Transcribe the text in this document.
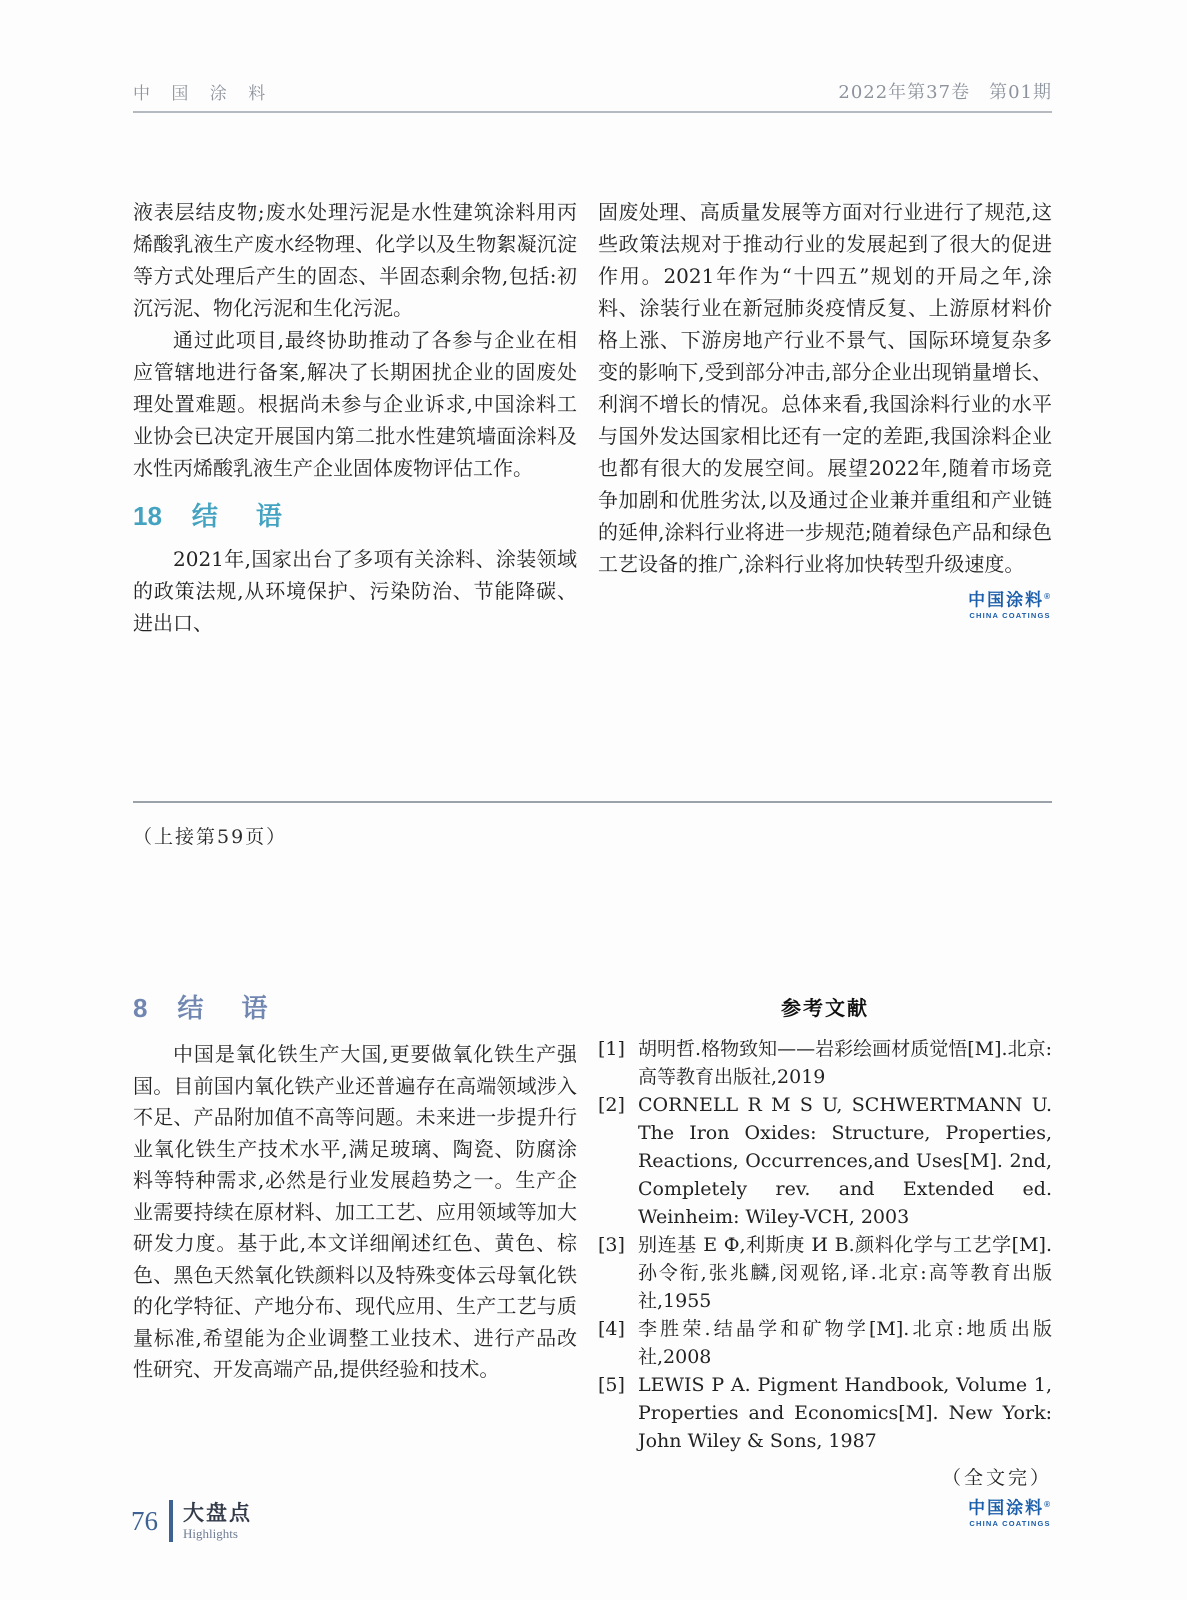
中 国 涂 料	2022年第37卷　第01期

液表层结皮物;废水处理污泥是水性建筑涂料用丙烯酸乳液生产废水经物理、化学以及生物絮凝沉淀等方式处理后产生的固态、半固态剩余物,包括:初沉污泥、物化污泥和生化污泥。

通过此项目,最终协助推动了各参与企业在相应管辖地进行备案,解决了长期困扰企业的固废处理处置难题。根据尚未参与企业诉求,中国涂料工业协会已决定开展国内第二批水性建筑墙面涂料及水性丙烯酸乳液生产企业固体废物评估工作。

18 结　语

2021年,国家出台了多项有关涂料、涂装领域的政策法规,从环境保护、污染防治、节能降碳、进出口、

固废处理、高质量发展等方面对行业进行了规范,这些政策法规对于推动行业的发展起到了很大的促进作用。2021年作为“十四五”规划的开局之年,涂料、涂装行业在新冠肺炎疫情反复、上游原材料价格上涨、下游房地产行业不景气、国际环境复杂多变的影响下,受到部分冲击,部分企业出现销量增长、利润不增长的情况。总体来看,我国涂料行业的水平与国外发达国家相比还有一定的差距,我国涂料企业也都有很大的发展空间。展望2022年,随着市场竞争加剧和优胜劣汰,以及通过企业兼并重组和产业链的延伸,涂料行业将进一步规范;随着绿色产品和绿色工艺设备的推广,涂料行业将加快转型升级速度。

中国涂料®
CHINA COATINGS
（上接第59页）
8 结　语

中国是氧化铁生产大国,更要做氧化铁生产强国。目前国内氧化铁产业还普遍存在高端领域涉入不足、产品附加值不高等问题。未来进一步提升行业氧化铁生产技术水平,满足玻璃、陶瓷、防腐涂料等特种需求,必然是行业发展趋势之一。生产企业需要持续在原材料、加工工艺、应用领域等加大研发力度。基于此,本文详细阐述红色、黄色、棕色、黑色天然氧化铁颜料以及特殊变体云母氧化铁的化学特征、产地分布、现代应用、生产工艺与质量标准,希望能为企业调整工业技术、进行产品改性研究、开发高端产品,提供经验和技术。

参考文献
[1] 胡明哲.格物致知——岩彩绘画材质觉悟[M].北京:高等教育出版社,2019
[2] CORNELL R M S U, SCHWERTMANN U. The Iron Oxides: Structure, Properties, Reactions, Occurrences,and Uses[M]. 2nd, Completely rev. and Extended ed. Weinheim: Wiley-VCH, 2003
[3] 别连基 Е Ф,利斯庚 И В.颜料化学与工艺学[M].孙令衔,张兆麟,闵观铭,译.北京:高等教育出版社,1955
[4] 李胜荣.结晶学和矿物学[M].北京:地质出版社,2008
[5] LEWIS P A. Pigment Handbook, Volume 1, Properties and Economics[M]. New York: John Wiley & Sons, 1987
（全文完）
中国涂料®
CHINA COATINGS
76 大盘点
Highlights
